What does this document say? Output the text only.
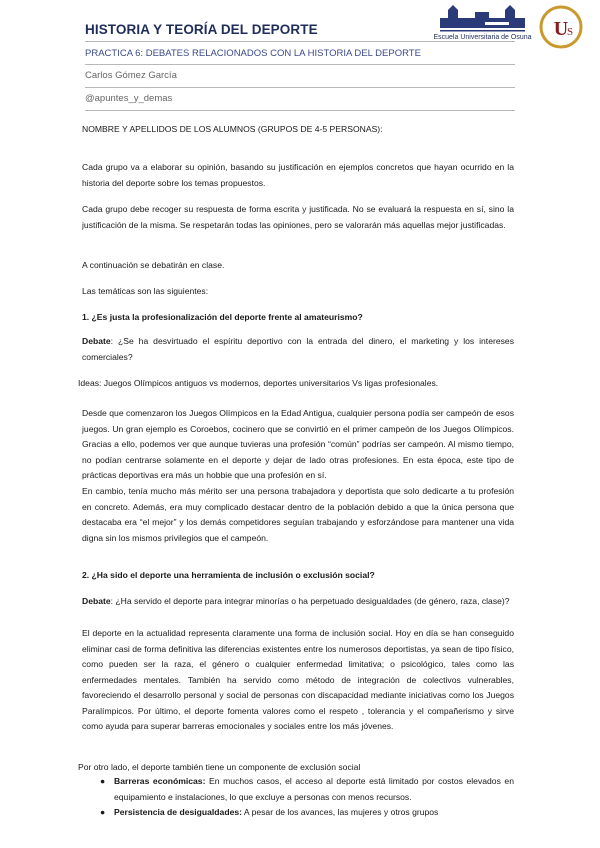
HISTORIA Y TEORÍA DEL DEPORTE
PRACTICA 6: DEBATES RELACIONADOS CON LA HISTORIA DEL DEPORTE
Carlos Gómez García
@apuntes_y_demas
Escuela Universitaria de Osuna U
S

NOMBRE Y APELLIDOS DE LOS ALUMNOS (GRUPOS DE 4-5 PERSONAS):

Cada grupo va a elaborar su opinión, basando su justificación en ejemplos concretos que hayan ocurrido en la historia del deporte sobre los temas propuestos.

Cada grupo debe recoger su respuesta de forma escrita y justificada. No se evaluará la respuesta en sí, sino la justificación de la misma. Se respetarán todas las opiniones, pero se valorarán más aquellas mejor justificadas.

A continuación se debatirán en clase.

Las temáticas son las siguientes:

1. ¿Es justa la profesionalización del deporte frente al amateurismo?

Debate: ¿Se ha desvirtuado el espíritu deportivo con la entrada del dinero, el marketing y los intereses comerciales?

Ideas: Juegos Olímpicos antiguos vs modernos, deportes universitarios Vs ligas profesionales.

Desde que comenzaron los Juegos Olímpicos en la Edad Antigua, cualquier persona podía ser campeón de esos juegos. Un gran ejemplo es Coroebos, cocinero que se convirtió en el primer campeón de los Juegos Olímpicos. Gracias a ello, podemos ver que aunque tuvieras una profesión “común” podrías ser campeón. Al mismo tiempo, no podían centrarse solamente en el deporte y dejar de lado otras profesiones. En esta época, este tipo de prácticas deportivas era más un hobbie que una profesión en sí.

En cambio, tenía mucho más mérito ser una persona trabajadora y deportista que solo dedicarte a tu profesión en concreto. Además, era muy complicado destacar dentro de la población debido a que la única persona que destacaba era “el mejor” y los demás competidores seguían trabajando y esforzándose para mantener una vida digna sin los mismos privilegios que el campeón.

2. ¿Ha sido el deporte una herramienta de inclusión o exclusión social?

Debate: ¿Ha servido el deporte para integrar minorías o ha perpetuado desigualdades (de género, raza, clase)?

El deporte en la actualidad representa claramente una forma de inclusión social. Hoy en día se han conseguido eliminar casi de forma definitiva las diferencias existentes entre los numerosos deportistas, ya sean de tipo físico, como pueden ser la raza, el género o cualquier enfermedad limitativa; o psicológico, tales como las enfermedades mentales. También ha servido como método de integración de colectivos vulnerables, favoreciendo el desarrollo personal y social de personas con discapacidad mediante iniciativas como los Juegos Paralímpicos. Por último, el deporte fomenta valores como el respeto , tolerancia y el compañerismo y sirve como ayuda para superar barreras emocionales y sociales entre los más jóvenes.

Por otro lado, el deporte también tiene un componente de exclusión social

● Barreras económicas: En muchos casos, el acceso al deporte está limitado por costos elevados en equipamiento e instalaciones, lo que excluye a personas con menos recursos.
● Persistencia de desigualdades: A pesar de los avances, las mujeres y otros grupos
